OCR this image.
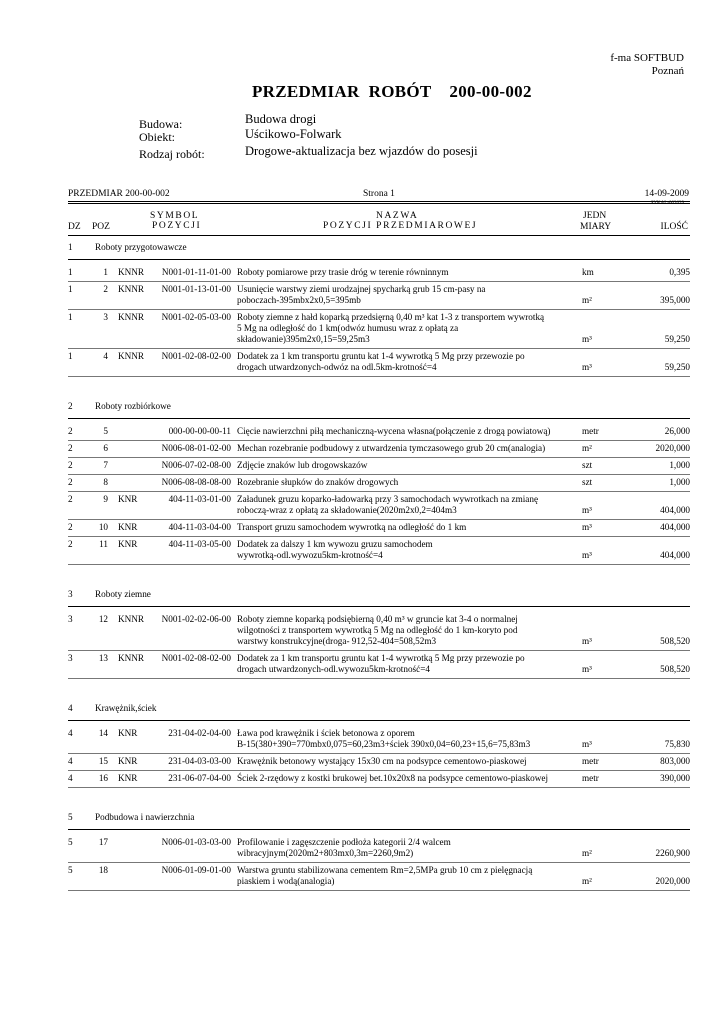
f-ma SOFTBUD
Poznań
PRZEDMIAR  ROBÓT    200-00-002
Budowa:	Budowa drogi
Obiekt:	Uścikowo-Folwark
Rodzaj robót:	Drogowe-aktualizacja bez wjazdów do posesji
PRZEDMIAR 200-00-002	Strona 1	14-09-2009
SYKAL-002639
DZ POZ
SYMBOL
POZYCJI
NAZWA
POZYCJI PRZEDMIAROWEJ
JEDN
MIARY	ILOŚĆ
1	Roboty przygotowawcze						

1	1		KNNR	N001-01-11-01-00	Roboty pomiarowe przy trasie dróg w terenie równinnym	km	0,395
1	2		KNNR	N001-01-13-01-00	Usunięcie warstwy ziemi urodzajnej spycharką grub 15 cm-pasy na
poboczach-395mbx2x0,5=395mb	m²	395,000
1	3		KNNR	N001-02-05-03-00	Roboty ziemne z hałd koparką przedsięrną 0,40 m³ kat 1-3 z transportem wywrotką
5 Mg na odległość do 1 km(odwóz humusu wraz z opłatą za
składowanie)395m2x0,15=59,25m3	m³	59,250
1	4		KNNR	N001-02-08-02-00	Dodatek za 1 km transportu gruntu kat 1-4 wywrotką 5 Mg przy przewozie po
drogach utwardzonych-odwóz na odl.5km-krotność=4	m³	59,250

2	Roboty rozbiórkowe						

2	5			000-00-00-00-11	Cięcie nawierzchni piłą mechaniczną-wycena własna(połączenie z drogą powiatową)	metr	26,000
2	6			N006-08-01-02-00	Mechan rozebranie podbudowy z utwardzenia tymczasowego grub 20 cm(analogia)	m²	2020,000
2	7			N006-07-02-08-00	Zdjęcie znaków lub drogowskazów	szt	1,000
2	8			N006-08-08-08-00	Rozebranie słupków do znaków drogowych	szt	1,000
2	9		KNR	404-11-03-01-00	Załadunek gruzu koparko-ładowarką przy 3 samochodach wywrotkach na zmianę
roboczą-wraz z opłatą za składowanie(2020m2x0,2=404m3	m³	404,000
2	10		KNR	404-11-03-04-00	Transport gruzu samochodem wywrotką na odległość do 1 km	m³	404,000
2	11		KNR	404-11-03-05-00	Dodatek za dalszy 1 km wywozu gruzu samochodem
wywrotką-odl.wywozu5km-krotność=4	m³	404,000

3	Roboty ziemne						

3	12		KNNR	N001-02-02-06-00	Roboty ziemne koparką podsiębierną 0,40 m³ w gruncie kat 3-4 o normalnej
wilgotności z transportem wywrotką 5 Mg na odległość do 1 km-koryto pod
warstwy konstrukcyjne(droga- 912,52-404=508,52m3	m³	508,520
3	13		KNNR	N001-02-08-02-00	Dodatek za 1 km transportu gruntu kat 1-4 wywrotką 5 Mg przy przewozie po
drogach utwardzonych-odl.wywozu5km-krotność=4	m³	508,520

4	Krawężnik,ściek						

4	14		KNR	231-04-02-04-00	Ława pod krawężnik i ściek betonowa z oporem
B-15(380+390=770mbx0,075=60,23m3+ściek 390x0,04=60,23+15,6=75,83m3	m³	75,830
4	15		KNR	231-04-03-03-00	Krawężnik betonowy wystający 15x30 cm na podsypce cementowo-piaskowej	metr	803,000
4	16		KNR	231-06-07-04-00	Ściek 2-rzędowy z kostki brukowej bet.10x20x8 na podsypce cementowo-piaskowej	metr	390,000

5	Podbudowa i nawierzchnia						

5	17			N006-01-03-03-00	Profilowanie i zagęszczenie podłoża kategorii 2/4 walcem
wibracyjnym(2020m2+803mx0,3m=2260,9m2)	m²	2260,900
5	18			N006-01-09-01-00	Warstwa gruntu stabilizowana cementem Rm=2,5MPa grub 10 cm z pielęgnacją
piaskiem i wodą(analogia)	m²	2020,000
